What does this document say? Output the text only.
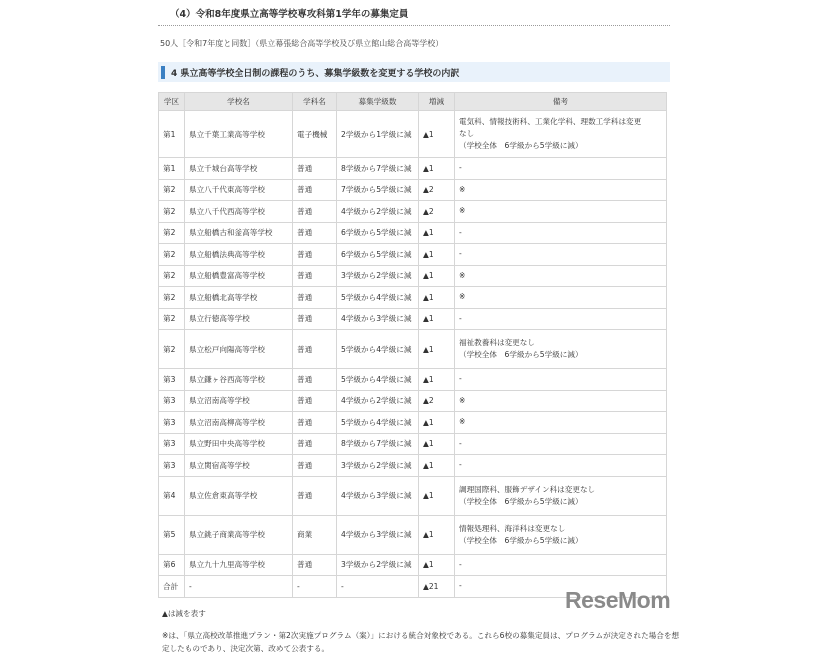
（4）令和8年度県立高等学校専攻科第1学年の募集定員
50人［令和7年度と同数］（県立幕張総合高等学校及び県立館山総合高等学校）
4 県立高等学校全日制の課程のうち、募集学級数を変更する学校の内訳
学区	学校名	学科名	募集学級数	増減	備考
第1	県立千葉工業高等学校	電子機械	2学級から1学級に減	▲1	電気科、情報技術科、工業化学科、理数工学科は変更
なし
（学校全体　6学級から5学級に減）

第1	県立千城台高等学校	普通	8学級から7学級に減	▲1	-

第2	県立八千代東高等学校	普通	7学級から5学級に減	▲2	※

第2	県立八千代西高等学校	普通	4学級から2学級に減	▲2	※

第2	県立船橋古和釜高等学校	普通	6学級から5学級に減	▲1	-

第2	県立船橋法典高等学校	普通	6学級から5学級に減	▲1	-

第2	県立船橋豊富高等学校	普通	3学級から2学級に減	▲1	※

第2	県立船橋北高等学校	普通	5学級から4学級に減	▲1	※

第2	県立行徳高等学校	普通	4学級から3学級に減	▲1	-

第2	県立松戸向陽高等学校	普通	5学級から4学級に減	▲1	福祉教養科は変更なし
（学校全体　6学級から5学級に減）

第3	県立鎌ヶ谷西高等学校	普通	5学級から4学級に減	▲1	-

第3	県立沼南高等学校	普通	4学級から2学級に減	▲2	※

第3	県立沼南高柳高等学校	普通	5学級から4学級に減	▲1	※

第3	県立野田中央高等学校	普通	8学級から7学級に減	▲1	-

第3	県立関宿高等学校	普通	3学級から2学級に減	▲1	-

第4	県立佐倉東高等学校	普通	4学級から3学級に減	▲1	調理国際科、服飾デザイン科は変更なし
（学校全体　6学級から5学級に減）

第5	県立銚子商業高等学校	商業	4学級から3学級に減	▲1	情報処理科、海洋科は変更なし
（学校全体　6学級から5学級に減）

第6	県立九十九里高等学校	普通	3学級から2学級に減	▲1	-

合計	-	-	-	▲21	-
▲は減を表す
※は、「県立高校改革推進プラン・第2次実施プログラム（案）」における統合対象校である。これら6校の募集定員は、プログラムが決定された場合を想定したものであり、決定次第、改めて公表する。
ReseMom
